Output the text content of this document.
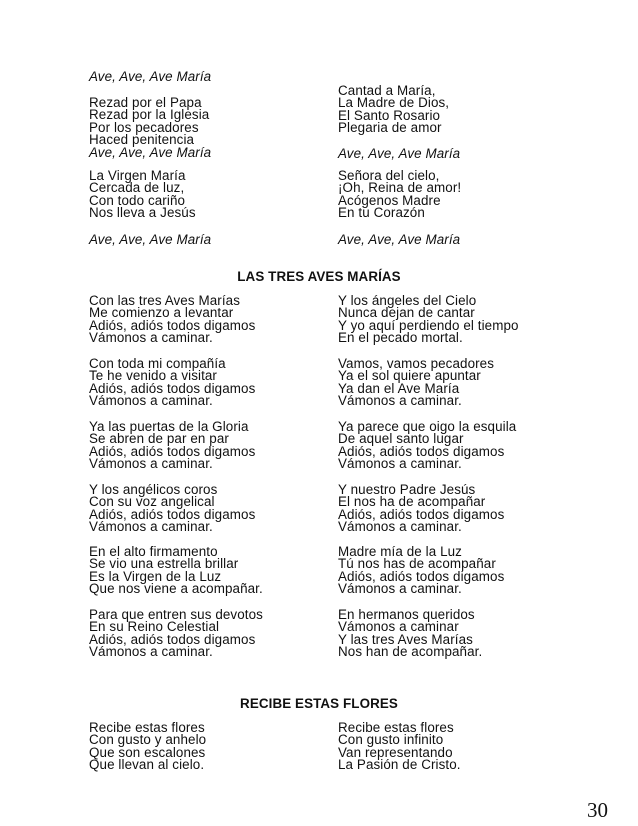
Ave, Ave, Ave María
Rezad por el Papa
Rezad por la Iglesia
Por los pecadores
Haced penitencia
Ave, Ave, Ave María
La Virgen María
Cercada de luz,
Con todo cariño
Nos lleva a Jesús
Ave, Ave, Ave María
Cantad a María,
La Madre de Dios,
El Santo Rosario
Plegaria de amor
Ave, Ave, Ave María
Señora del cielo,
¡Oh, Reina de amor!
Acógenos Madre
En tu Corazón
Ave, Ave, Ave María
LAS TRES AVES MARÍAS
Con las tres Aves Marías
Me comienzo a levantar
Adiós, adiós todos digamos
Vámonos a caminar.
Con toda mi compañía
Te he venido a visitar
Adiós, adiós todos digamos
Vámonos a caminar.
Ya las puertas de la Gloria
Se abren de par en par
Adiós, adiós todos digamos
Vámonos a caminar.
Y los angélicos coros
Con su voz angelical
Adiós, adiós todos digamos
Vámonos a caminar.
En el alto firmamento
Se vio una estrella brillar
Es la Virgen de la Luz
Que nos viene a acompañar.
Para que entren sus devotos
En su Reino Celestial
Adiós, adiós todos digamos
Vámonos a caminar.
Y los ángeles del Cielo
Nunca dejan de cantar
Y yo aquí perdiendo el tiempo
En el pecado mortal.
Vamos, vamos pecadores
Ya el sol quiere apuntar
Ya dan el Ave María
Vámonos a caminar.
Ya parece que oigo la esquila
De aquel santo lugar
Adiós, adiós todos digamos
Vámonos a caminar.
Y nuestro Padre Jesús
El nos ha de acompañar
Adiós, adiós todos digamos
Vámonos a caminar.
Madre mía de la Luz
Tú nos has de acompañar
Adiós, adiós todos digamos
Vámonos a caminar.
En hermanos queridos
Vámonos a caminar
Y las tres Aves Marías
Nos han de acompañar.
RECIBE ESTAS FLORES
Recibe estas flores
Con gusto y anhelo
Que son escalones
Que llevan al cielo.
Recibe estas flores
Con gusto infinito
Van representando
La Pasión de Cristo.
30
